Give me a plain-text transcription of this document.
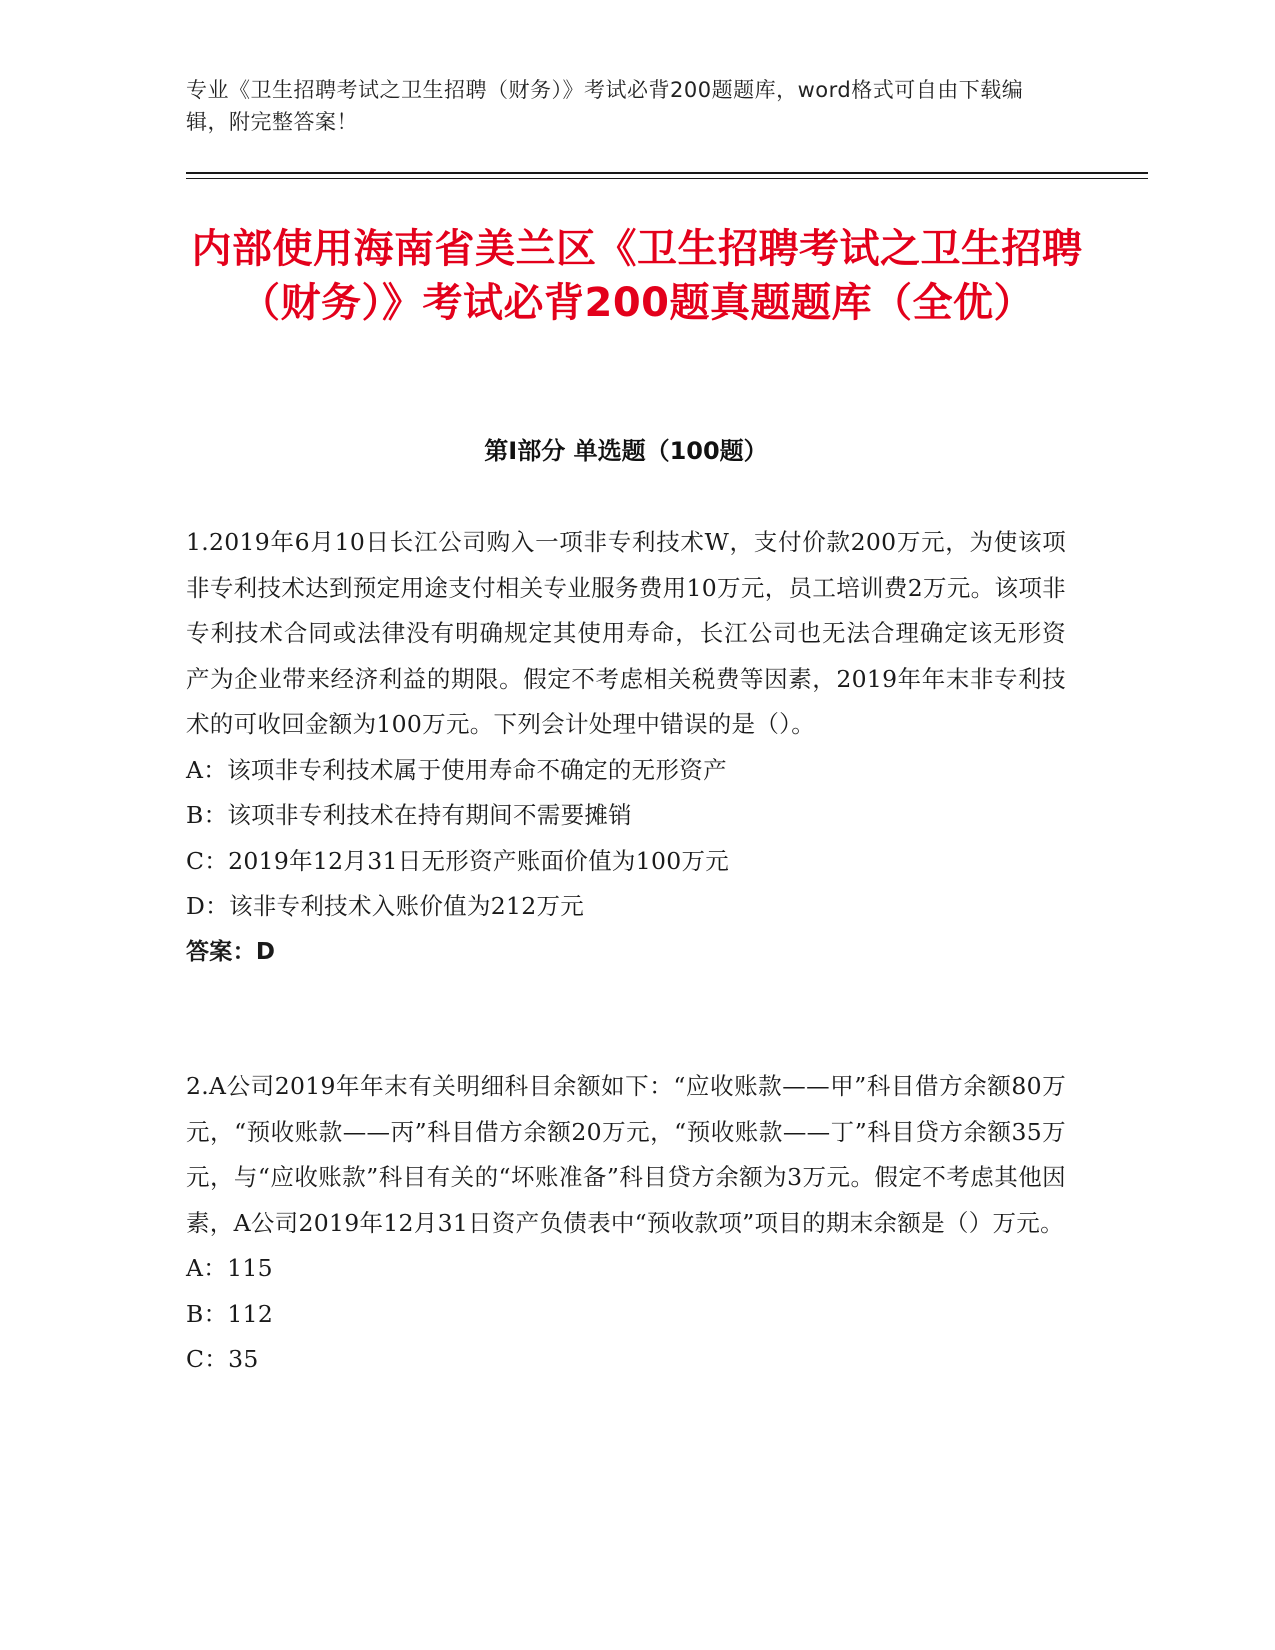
专业《卫生招聘考试之卫生招聘（财务）》考试必背200题题库，word格式可自由下载编辑，附完整答案！
内部使用海南省美兰区《卫生招聘考试之卫生招聘（财务）》考试必背200题真题题库（全优）
第I部分 单选题（100题）
1.2019年6月10日长江公司购入一项非专利技术W，支付价款200万元，为使该项非专利技术达到预定用途支付相关专业服务费用10万元，员工培训费2万元。该项非专利技术合同或法律没有明确规定其使用寿命，长江公司也无法合理确定该无形资产为企业带来经济利益的期限。假定不考虑相关税费等因素，2019年年末非专利技术的可收回金额为100万元。下列会计处理中错误的是（）。
A：该项非专利技术属于使用寿命不确定的无形资产
B：该项非专利技术在持有期间不需要摊销
C：2019年12月31日无形资产账面价值为100万元
D：该非专利技术入账价值为212万元
答案：D
2.A公司2019年年末有关明细科目余额如下：“应收账款——甲”科目借方余额80万元，“预收账款——丙”科目借方余额20万元，“预收账款——丁”科目贷方余额35万元，与“应收账款”科目有关的“坏账准备”科目贷方余额为3万元。假定不考虑其他因素，A公司2019年12月31日资产负债表中“预收款项”项目的期末余额是（）万元。
A：115
B：112
C：35
